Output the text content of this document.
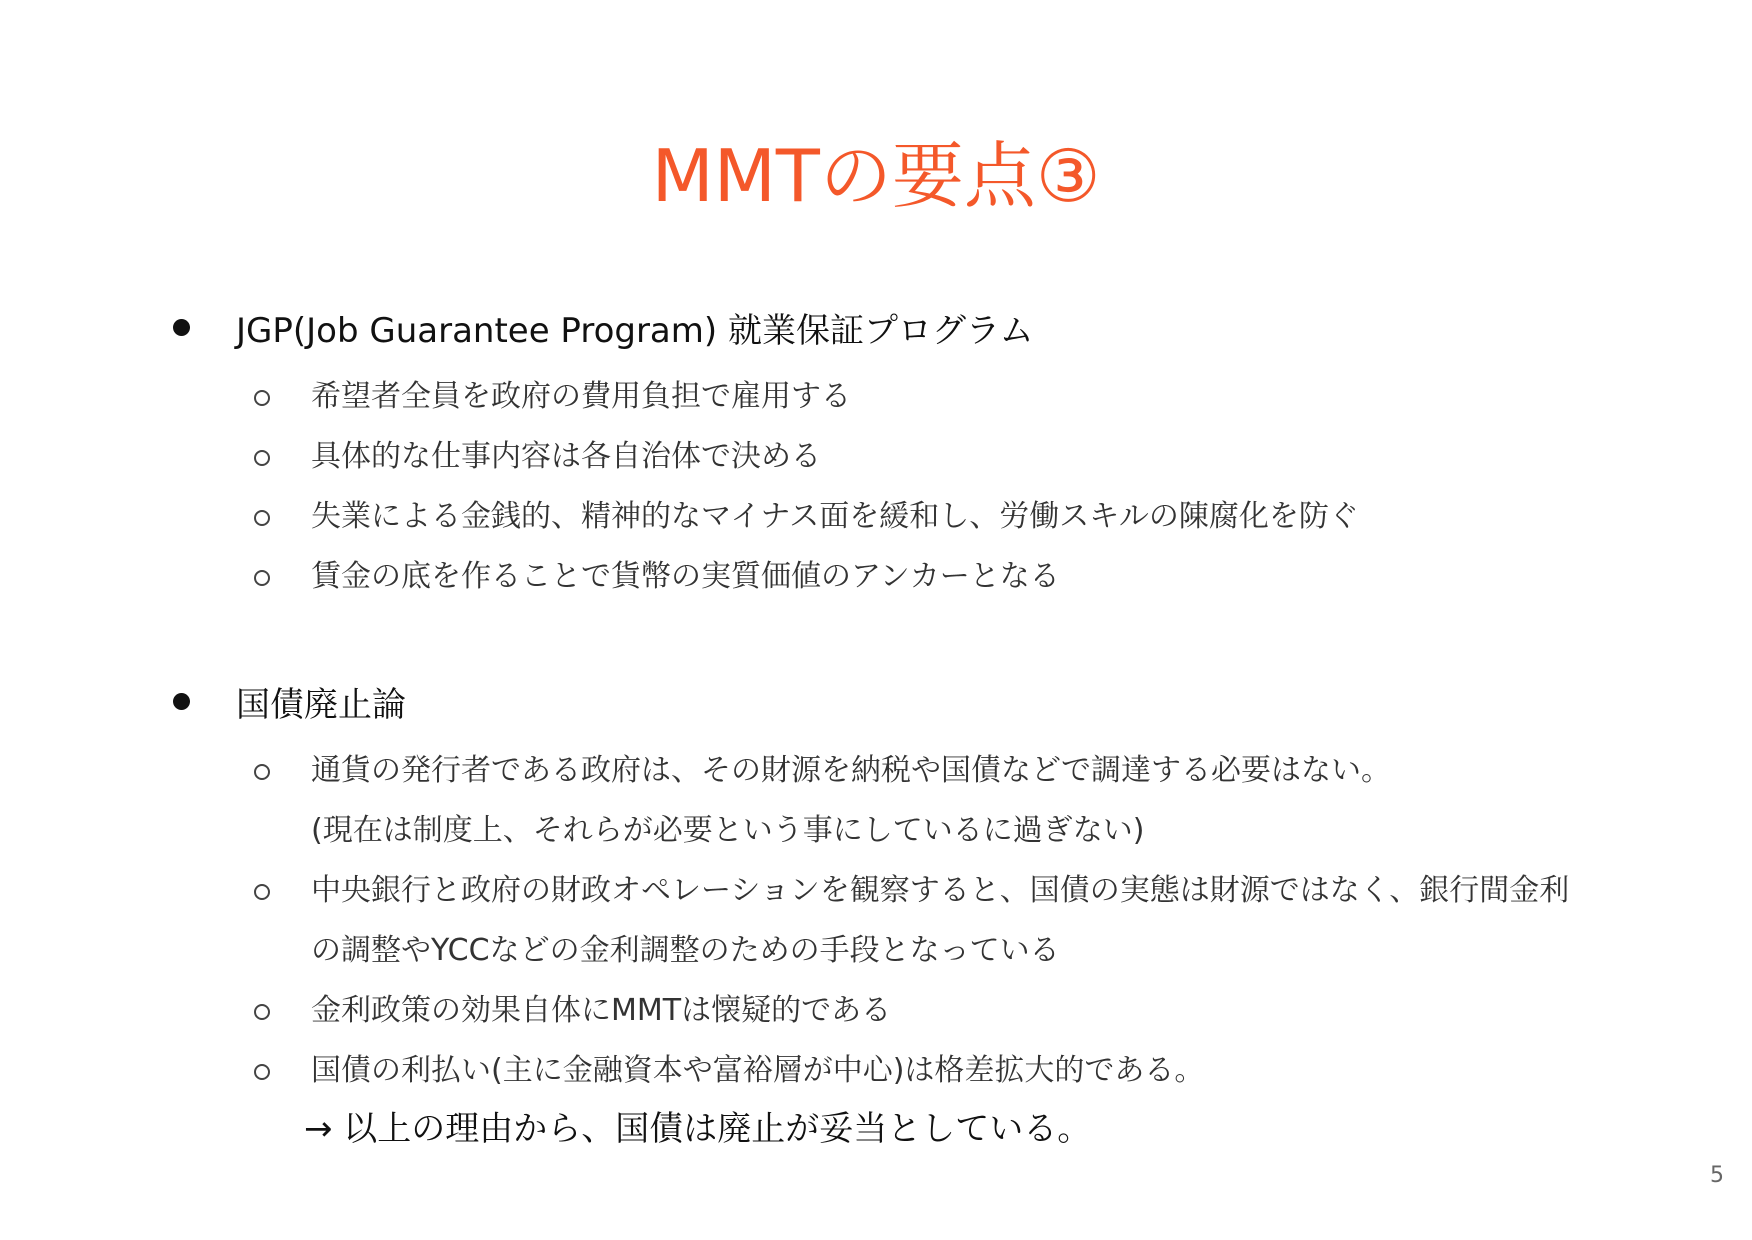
MMTの要点③
JGP(Job Guarantee Program) 就業保証プログラム
希望者全員を政府の費用負担で雇用する
具体的な仕事内容は各自治体で決める
失業による金銭的、精神的なマイナス面を緩和し、労働スキルの陳腐化を防ぐ
賃金の底を作ることで貨幣の実質価値のアンカーとなる
国債廃止論
通貨の発行者である政府は、その財源を納税や国債などで調達する必要はない。
(現在は制度上、それらが必要という事にしているに過ぎない)
中央銀行と政府の財政オペレーションを観察すると、国債の実態は財源ではなく、銀行間金利
の調整やYCCなどの金利調整のための手段となっている
金利政策の効果自体にMMTは懐疑的である
国債の利払い(主に金融資本や富裕層が中心)は格差拡大的である。
→ 以上の理由から、国債は廃止が妥当としている。
5
